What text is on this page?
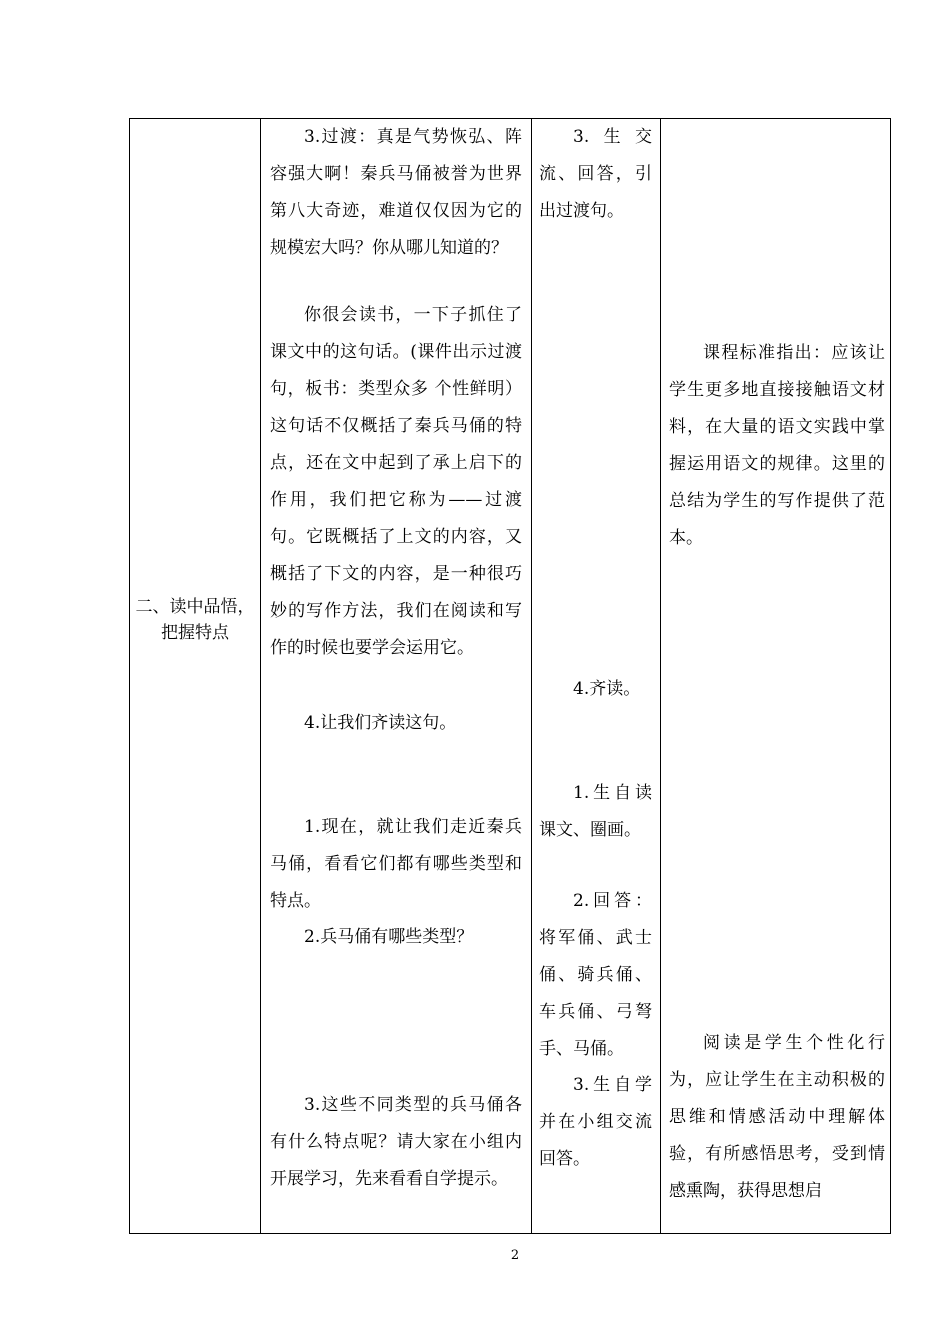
二、读中品悟，把握特点

3.过渡：真是气势恢弘、阵容强大啊！秦兵马俑被誉为世界第八大奇迹，难道仅仅因为它的规模宏大吗？你从哪儿知道的？

你很会读书，一下子抓住了课文中的这句话。(课件出示过渡句，板书：类型众多 个性鲜明）这句话不仅概括了秦兵马俑的特点，还在文中起到了承上启下的作用，我们把它称为——过渡句。它既概括了上文的内容，又概括了下文的内容，是一种很巧妙的写作方法，我们在阅读和写作的时候也要学会运用它。

4.让我们齐读这句。

1.现在，就让我们走近秦兵马俑，看看它们都有哪些类型和特点。

2.兵马俑有哪些类型？

3.这些不同类型的兵马俑各有什么特点呢？请大家在小组内开展学习，先来看看自学提示。

3.生交流、回答，引出过渡句。

4.齐读。

1.生自读课文、圈画。

2.回答：将军俑、武士俑、骑兵俑、车兵俑、弓弩手、马俑。

3.生自学并在小组交流回答。

课程标准指出：应该让学生更多地直接接触语文材料，在大量的语文实践中掌握运用语文的规律。这里的总结为学生的写作提供了范本。

阅读是学生个性化行为，应让学生在主动积极的思维和情感活动中理解体验，有所感悟思考，受到情感熏陶，获得思想启

2
